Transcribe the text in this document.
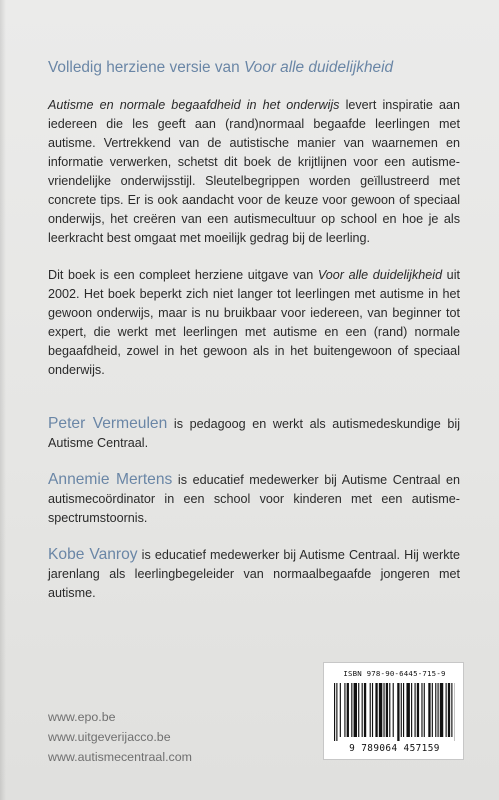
Volledig herziene versie van Voor alle duidelijkheid

Autisme en normale begaafdheid in het onderwijs levert inspiratie aan iedereen die les geeft aan (rand)normaal begaafde leerlingen met autisme. Vertrekkend van de autistische manier van waarnemen en informatie verwerken, schetst dit boek de krijtlijnen voor een autisme-vriendelijke onderwijsstijl. Sleutelbegrippen worden geïllustreerd met concrete tips. Er is ook aandacht voor de keuze voor gewoon of speciaal onderwijs, het creëren van een autismecultuur op school en hoe je als leerkracht best omgaat met moeilijk gedrag bij de leerling.

Dit boek is een compleet herziene uitgave van Voor alle duidelijkheid uit 2002. Het boek beperkt zich niet langer tot leerlingen met autisme in het gewoon onderwijs, maar is nu bruikbaar voor iedereen, van beginner tot expert, die werkt met leerlingen met autisme en een (rand) normale begaafdheid, zowel in het gewoon als in het buitengewoon of speciaal onderwijs.

Peter Vermeulen is pedagoog en werkt als autismedeskundige bij Autisme Centraal.

Annemie Mertens is educatief medewerker bij Autisme Centraal en autismecoördinator in een school voor kinderen met een autismespectrumstoornis.

Kobe Vanroy is educatief medewerker bij Autisme Centraal. Hij werkte jarenlang als leerlingbegeleider van normaalbegaafde jongeren met autisme.

www.epo.be
www.uitgeverijacco.be
www.autismecentraal.com
ISBN 978-90-6445-715-9
9 789064 457159
